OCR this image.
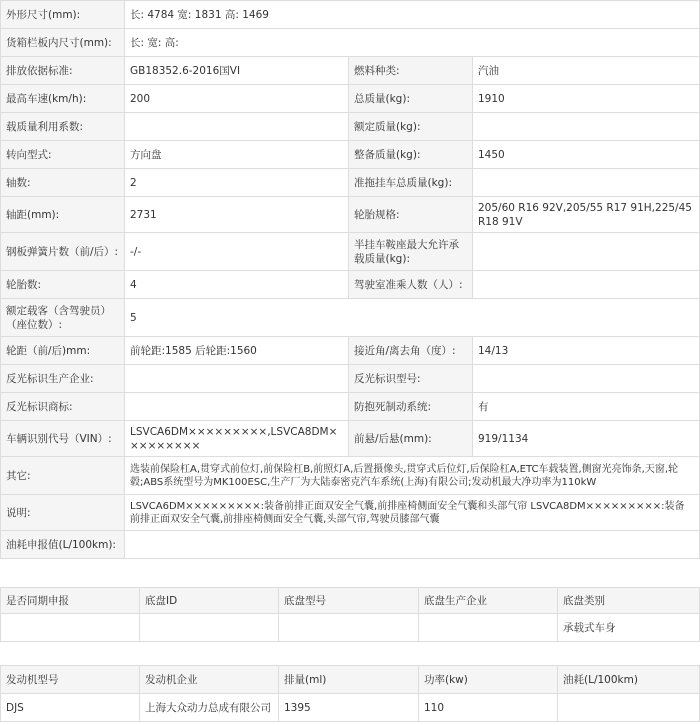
外形尺寸(mm):	长: 4784 宽: 1831 高: 1469		
货箱栏板内尺寸(mm):	长: 宽: 高:		
排放依据标准:	GB18352.6-2016国VI	燃料种类:	汽油
最高车速(km/h):	200	总质量(kg):	1910
载质量利用系数:		额定质量(kg):	
转向型式:	方向盘	整备质量(kg):	1450
轴数:	2	准拖挂车总质量(kg):	
轴距(mm):	2731	轮胎规格:	205/60 R16 92V,205/55 R17 91H,225/45 R18 91V
钢板弹簧片数（前/后）:	-/-	半挂车鞍座最大允许承载质量(kg):	
轮胎数:	4	驾驶室准乘人数（人）:	
额定载客（含驾驶员）（座位数）:	5		
轮距（前/后)mm:	前轮距:1585 后轮距:1560	接近角/离去角（度）:	14/13
反光标识生产企业:		反光标识型号:	
反光标识商标:		防抱死制动系统:	有
车辆识别代号（VIN）:	LSVCA6DM×××××××××,LSVCA8DM×××××××××	前悬/后悬(mm):	919/1134
其它:	选装前保险杠A,贯穿式前位灯,前保险杠B,前照灯A,后置摄像头,贯穿式后位灯,后保险杠A,ETC车载装置,侧窗光亮饰条,天窗,轮毂;ABS系统型号为MK100ESC,生产厂为大陆泰密克汽车系统(上海)有限公司;发动机最大净功率为110kW		
说明:	LSVCA6DM×××××××××:装备前排正面双安全气囊,前排座椅侧面安全气囊和头部气帘 LSVCA8DM×××××××××:装备前排正面双安全气囊,前排座椅侧面安全气囊,头部气帘,驾驶员膝部气囊		
油耗申报值(L/100km):			
是否同期申报	底盘ID	底盘型号	底盘生产企业	底盘类别
				承载式车身
发动机型号	发动机企业	排量(ml)	功率(kw)	油耗(L/100km)
DJS	上海大众动力总成有限公司	1395	110	
